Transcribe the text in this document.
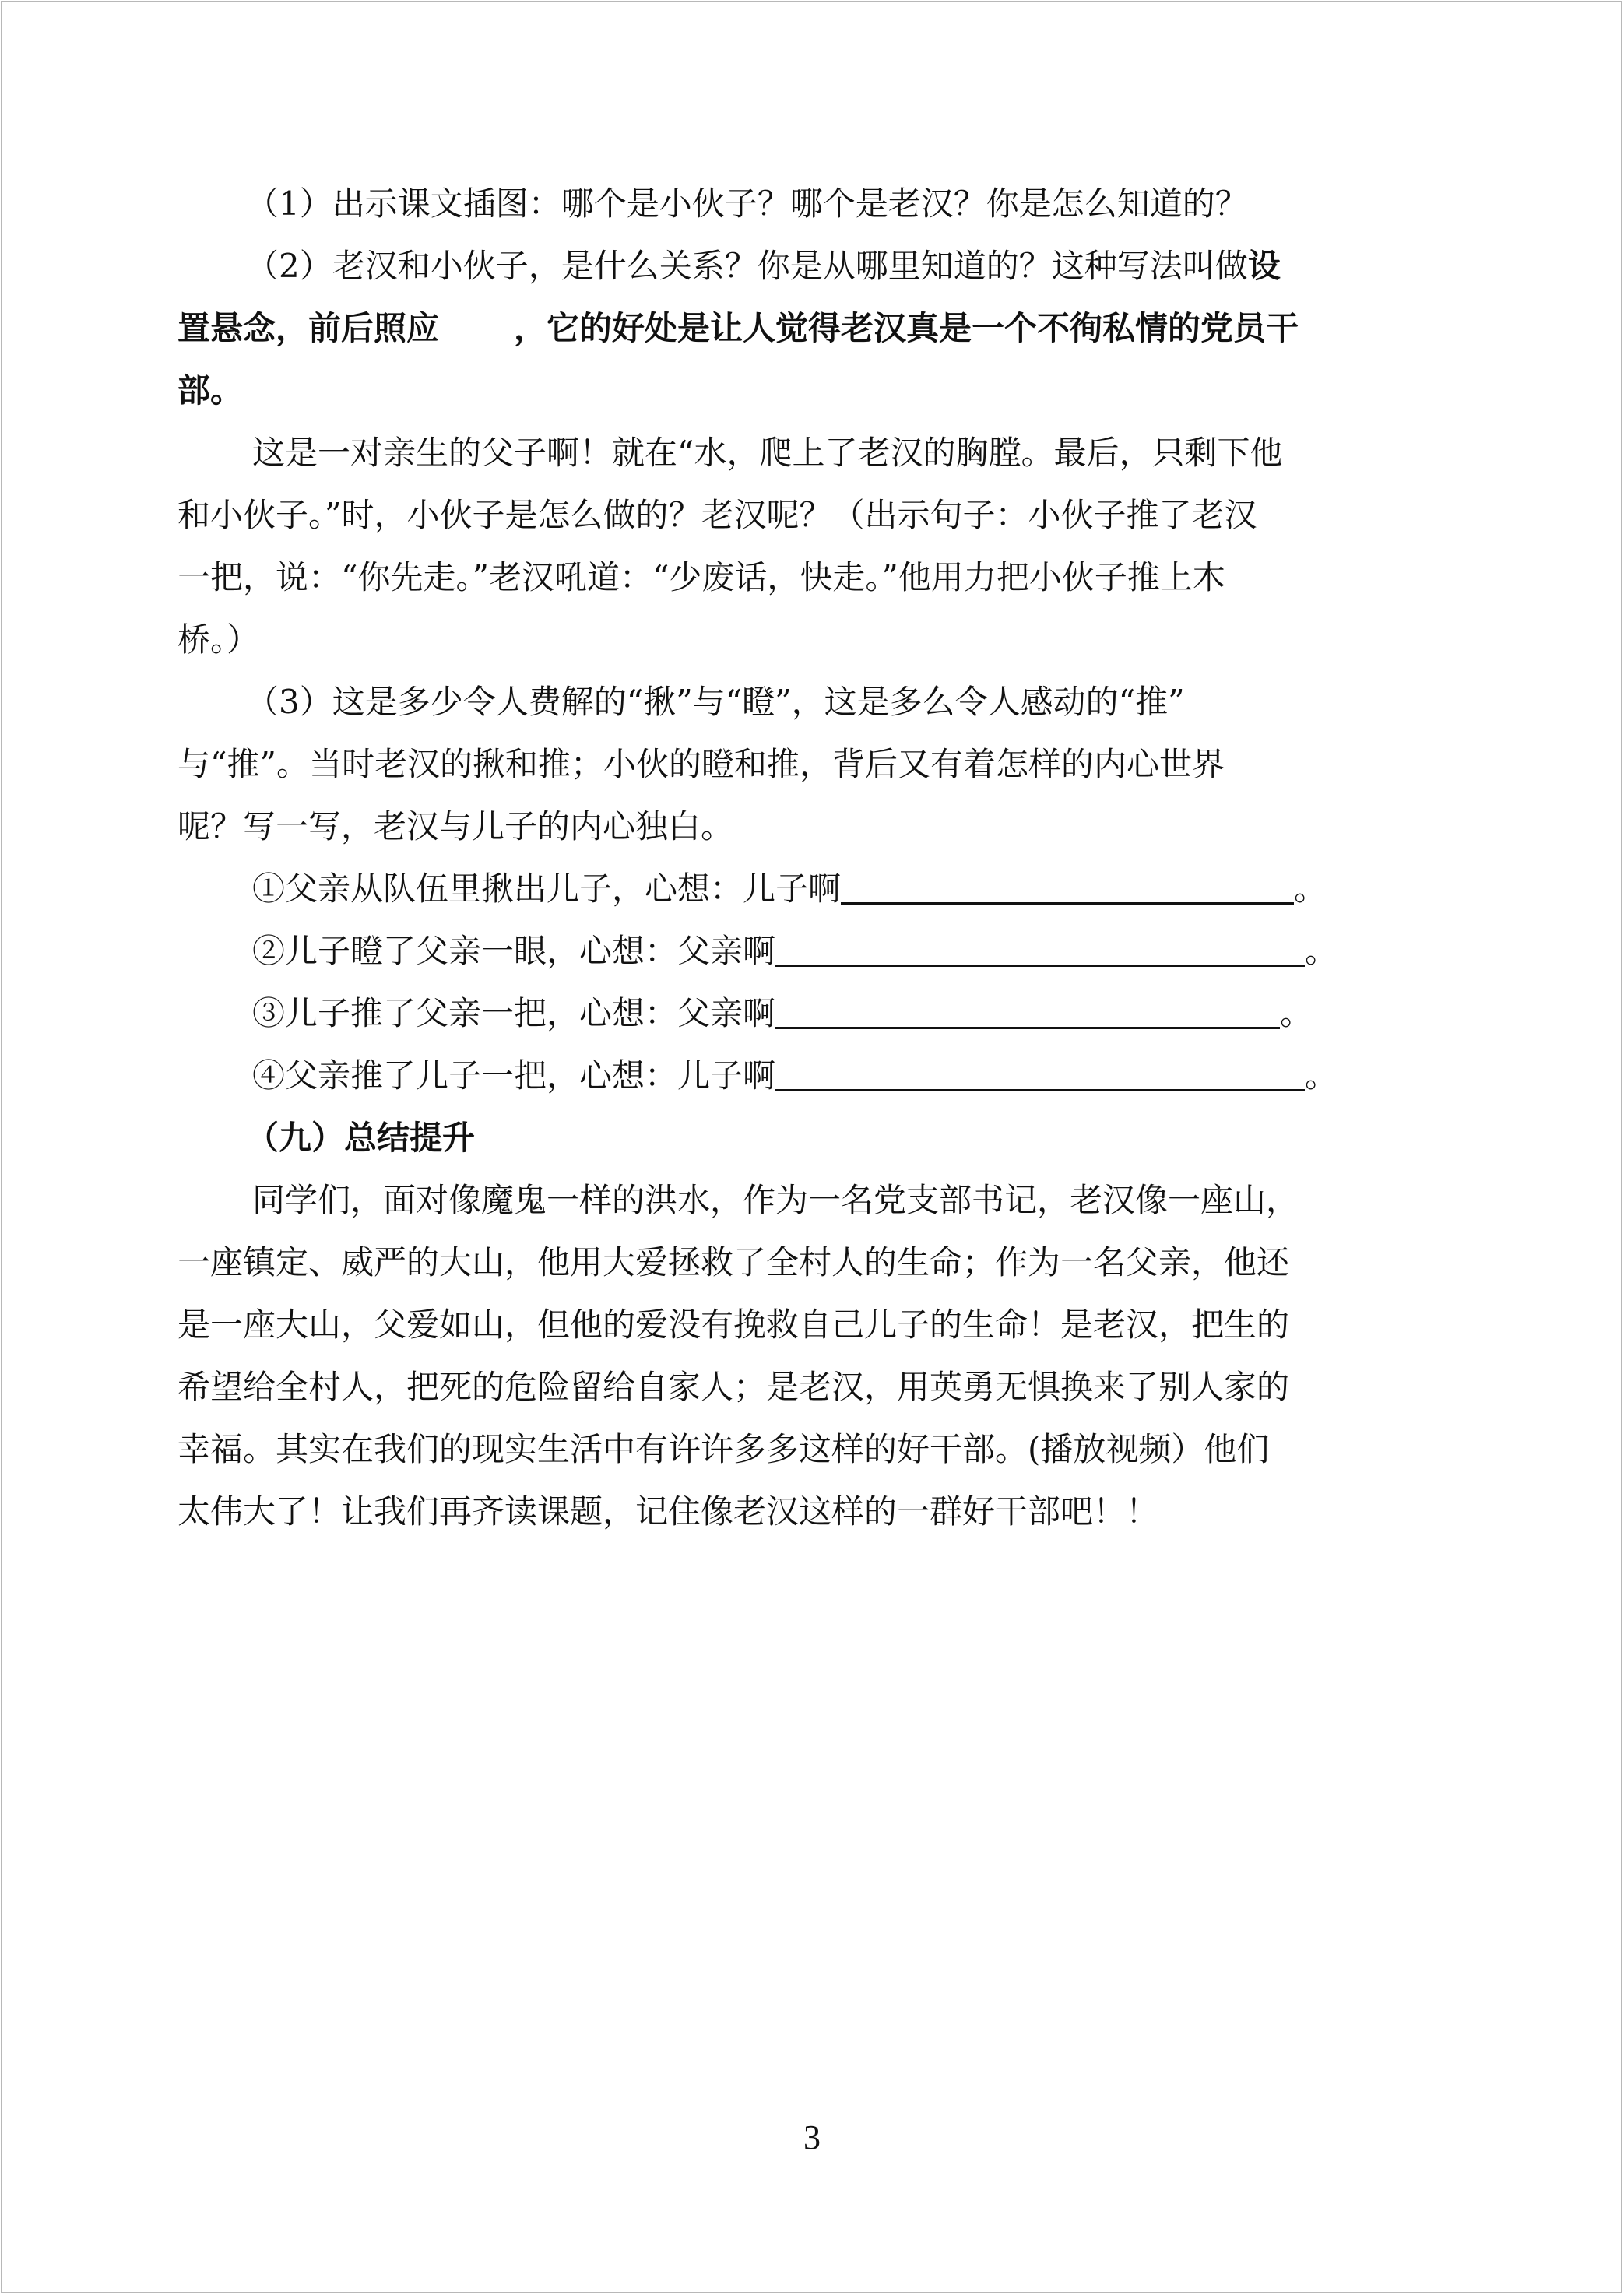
（1）出示课文插图：哪个是小伙子？哪个是老汉？你是怎么知道的？
（2）老汉和小伙子，是什么关系？你是从哪里知道的？这种写法叫做设
置悬念，前后照应 ，它的好处是让人觉得老汉真是一个不徇私情的党员干
部。
这是一对亲生的父子啊！就在“水，爬上了老汉的胸膛。最后，只剩下他
和小伙子。”时，小伙子是怎么做的？老汉呢？（出示句子：小伙子推了老汉
一把，说：“你先走。”老汉吼道：“少废话，快走。”他用力把小伙子推上木
桥。）
（3）这是多少令人费解的“揪”与“瞪”，这是多么令人感动的“推”
与“推”。当时老汉的揪和推；小伙的瞪和推，背后又有着怎样的内心世界
呢？写一写，老汉与儿子的内心独白。
①父亲从队伍里揪出儿子，心想：儿子啊	。
②儿子瞪了父亲一眼，心想：父亲啊	。
③儿子推了父亲一把，心想：父亲啊	。
④父亲推了儿子一把，心想：儿子啊	。
（九）总结提升
同学们，面对像魔鬼一样的洪水，作为一名党支部书记，老汉像一座山，
一座镇定、威严的大山，他用大爱拯救了全村人的生命；作为一名父亲，他还
是一座大山，父爱如山，但他的爱没有挽救自己儿子的生命！是老汉，把生的
希望给全村人，把死的危险留给自家人；是老汉，用英勇无惧换来了别人家的
幸福。其实在我们的现实生活中有许许多多这样的好干部。(播放视频）他们
太伟大了！让我们再齐读课题，记住像老汉这样的一群好干部吧！！
3
